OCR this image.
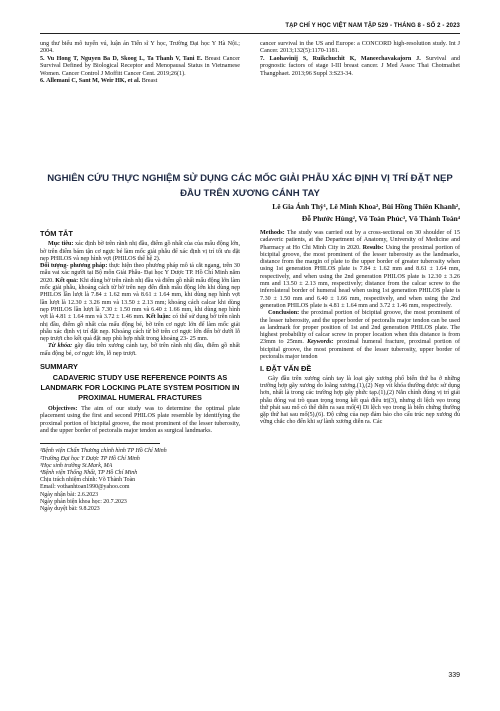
TẠP CHÍ Y HỌC VIỆT NAM TẬP 529 - THÁNG 8 - SỐ 2 - 2023
ung thư biểu mô tuyến vú, luận án Tiến sĩ Y học, Trường Đại học Y Hà Nội.; 2004.
5. Vu Hong T, Nguyen Ba D, Skoog L, Ta Thanh V, Tani E. Breast Cancer Survival Defined by Biological Receptor and Menopausal Status in Vietnamese Women. Cancer Control J Moffitt Cancer Cent. 2019;26(1).
6. Allemani C, Sant M, Weir HK, et al. Breast
cancer survival in the US and Europe: a CONCORD high-resolution study. Int J Cancer. 2013;132(5):1170-1181.
7. Laohavinij S, Ruikchuchit K, Maneechavakajorn J. Survival and prognostic factors of stage I-III breast cancer. J Med Assoc Thai Chotmaihet Thangphaet. 2013;96 Suppl 3:S23-34.
NGHIÊN CỨU THỰC NGHIỆM SỬ DỤNG CÁC MỐC GIẢI PHẪU XÁC ĐỊNH VỊ TRÍ ĐẶT NẸP ĐẦU TRÊN XƯƠNG CÁNH TAY
Lê Gia Ánh Thỳ¹, Lê Minh Khoa², Bùi Hồng Thiên Khanh²,
Đỗ Phước Hùng², Võ Toàn Phúc³, Võ Thành Toàn⁴
TÓM TẮT
Mục tiêu: xác định bờ trên rãnh nhị đầu, điểm gồ nhất của của mấu động lớn, bờ trên điểm bám tận cơ ngực bé làm mốc giải phẫu để xác định vị trí tối ưu đặt nẹp PHILOS và nẹp hình vợt (PHILOS thế hệ 2).
Đối tượng- phương pháp: thực hiện theo phương pháp mô tả cắt ngang, trên 30 mẫu vai xác người tại Bộ môn Giải Phẫu- Đại học Y Dược TP. Hồ Chí Minh năm 2020. Kết quả: Khi dùng bờ trên rãnh nhị đầu và điểm gồ nhất mấu động lớn làm mốc giải phẫu, khoảng cách từ bờ trên nẹp đến đỉnh mấu động lớn khi dùng nẹp PHILOS lần lượt là 7.84 ± 1.62 mm và 8.61 ± 1.64 mm, khi dùng nẹp hình vợt lần lượt là 12.30 ± 3.26 mm và 13.50 ± 2.13 mm; khoảng cách calcar khi dùng nẹp PHILOS lần lượt là 7.30 ± 1.50 mm và 6.40 ± 1.66 mm, khi dùng nẹp hình vợt là 4.81 ± 1.64 mm và 3.72 ± 1.46 mm. Kết luận: có thể sử dụng bờ trên rãnh nhị đầu, điểm gồ nhất của mấu động bé, bờ trên cơ ngực lớn để làm mốc giải phẫu xác định vị trí đặt nẹp. Khoảng cách từ bờ trên cơ ngực lớn đến bờ dưới lỗ nẹp trượt cho kết quả đặt nẹp phù hợp nhất trong khoảng 23- 25 mm.
Từ khóa: gãy đầu trên xương cánh tay, bờ trên rãnh nhị đầu, điểm gồ nhất mấu động bé, cơ ngực lớn, lỗ nẹp trượt.
SUMMARY
CADAVERIC STUDY USE REFERENCE POINTS AS LANDMARK FOR LOCKING PLATE SYSTEM POSITION IN PROXIMAL HUMERAL FRACTURES
Objectives: The aim of our study was to determine the optimal plate placement using the first and second PHILOS plate resemble by identifying the proximal portion of bicipital groove, the most prominent of the lesser tuberosity, and the upper border of pectoralis major tendon as surgical landmarks.
¹Bệnh viện Chấn Thương chỉnh hình TP Hồ Chí Minh
²Trường Đại học Y Dược TP Hồ Chí Minh
³Học sinh trường St.Mark, MA
⁴Bệnh viện Thống Nhất, TP Hồ Chí Minh
Chịu trách nhiệm chính: Võ Thành Toàn
Email: vothanhtoan1990@yahoo.com
Ngày nhận bài: 2.6.2023
Ngày phản biện khoa học: 20.7.2023
Ngày duyệt bài: 9.8.2023
Methods: The study was carried out by a cross-sectional on 30 shoulder of 15 cadaveric patients, at the Department of Anatomy, University of Medicine and Pharmacy at Ho Chi Minh City in 2020. Results: Using the proximal portion of bicipital groove, the most prominent of the lesser tuberosity as the landmarks, distance from the margin of plate to the upper border of greater tuberosity when using 1st generation PHILOS plate is 7.84 ± 1.62 mm and 8.61 ± 1.64 mm, respectively, and when using the 2nd generation PHILOS plate is 12.30 ± 3.26 mm and 13.50 ± 2.13 mm, respectively; distance from the calcar screw to the inferolateral border of humeral head when using 1st generation PHILOS plate is 7.30 ± 1.50 mm and 6.40 ± 1.66 mm, respectively, and when using the 2nd generation PHILOS plate is 4.81 ± 1.64 mm and 3.72 ± 1.46 mm, respectively.
Conclusion: the proximal portion of bicipital groove, the most prominent of the lesser tuberosity, and the upper border of pectoralis major tendon can be used as landmark for proper position of 1st and 2nd generation PHILOS plate. The highest probability of calcar screw in proper location when this distance is from 23mm to 25mm. Keywords: proximal humeral fracture, proximal portion of bicipital groove, the most prominent of the lesser tuberosity, upper border of pectoralis major tendon
I. ĐẶT VẤN ĐỀ
Gãy đầu trên xương cánh tay là loại gãy xương phổ biến thứ ba ở những trường hợp gãy xương do loãng xương.(1),(2) Nẹp vít khóa thường được sử dụng hơn, nhất là trong các trường hợp gãy phức tạp.(1),(2) Nắn chỉnh đúng vị trí giải phẫu đóng vai trò quan trọng trong kết quả điều trị(3), nhưng di lệch vẹo trong thứ phát sau mổ có thể diễn ra sau mổ(4) Di lệch vẹo trong là biến chứng thường gặp thứ hai sau mổ(5),(6). Độ cứng của nẹp đảm bảo cho cấu trúc nẹp xương đủ vững chắc cho đến khi sự lành xương diễn ra. Các
339
